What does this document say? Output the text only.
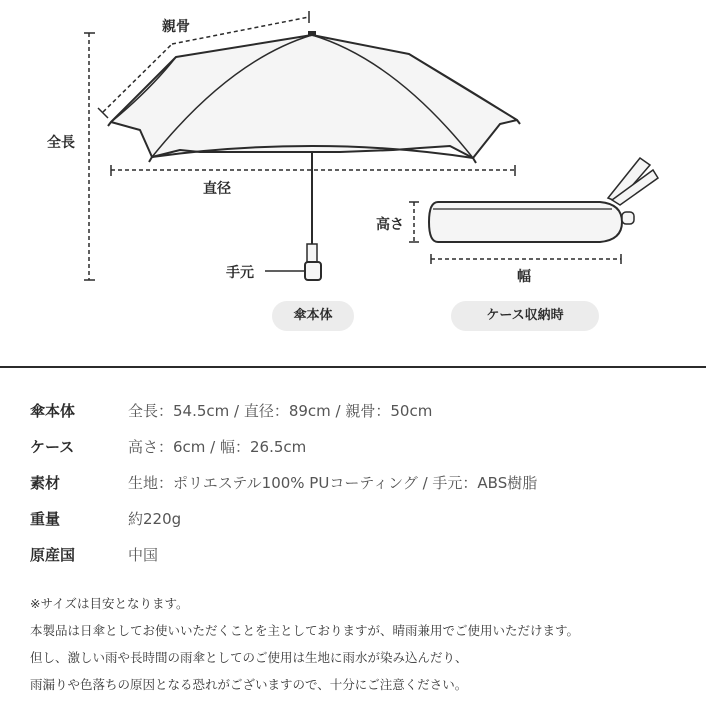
親骨
全長
直径
手元
高さ
幅
傘本体	ケース収納時
傘本体	全長：54.5cm / 直径：89cm / 親骨：50cm
ケース	高さ：6cm / 幅：26.5cm
素材	生地：ポリエステル100% PUコーティング / 手元：ABS樹脂
重量	約220g
原産国	中国
※サイズは目安となります。
本製品は日傘としてお使いいただくことを主としておりますが、晴雨兼用でご使用いただけます。
但し、激しい雨や長時間の雨傘としてのご使用は生地に雨水が染み込んだり、
雨漏りや色落ちの原因となる恐れがございますので、十分にご注意ください。
